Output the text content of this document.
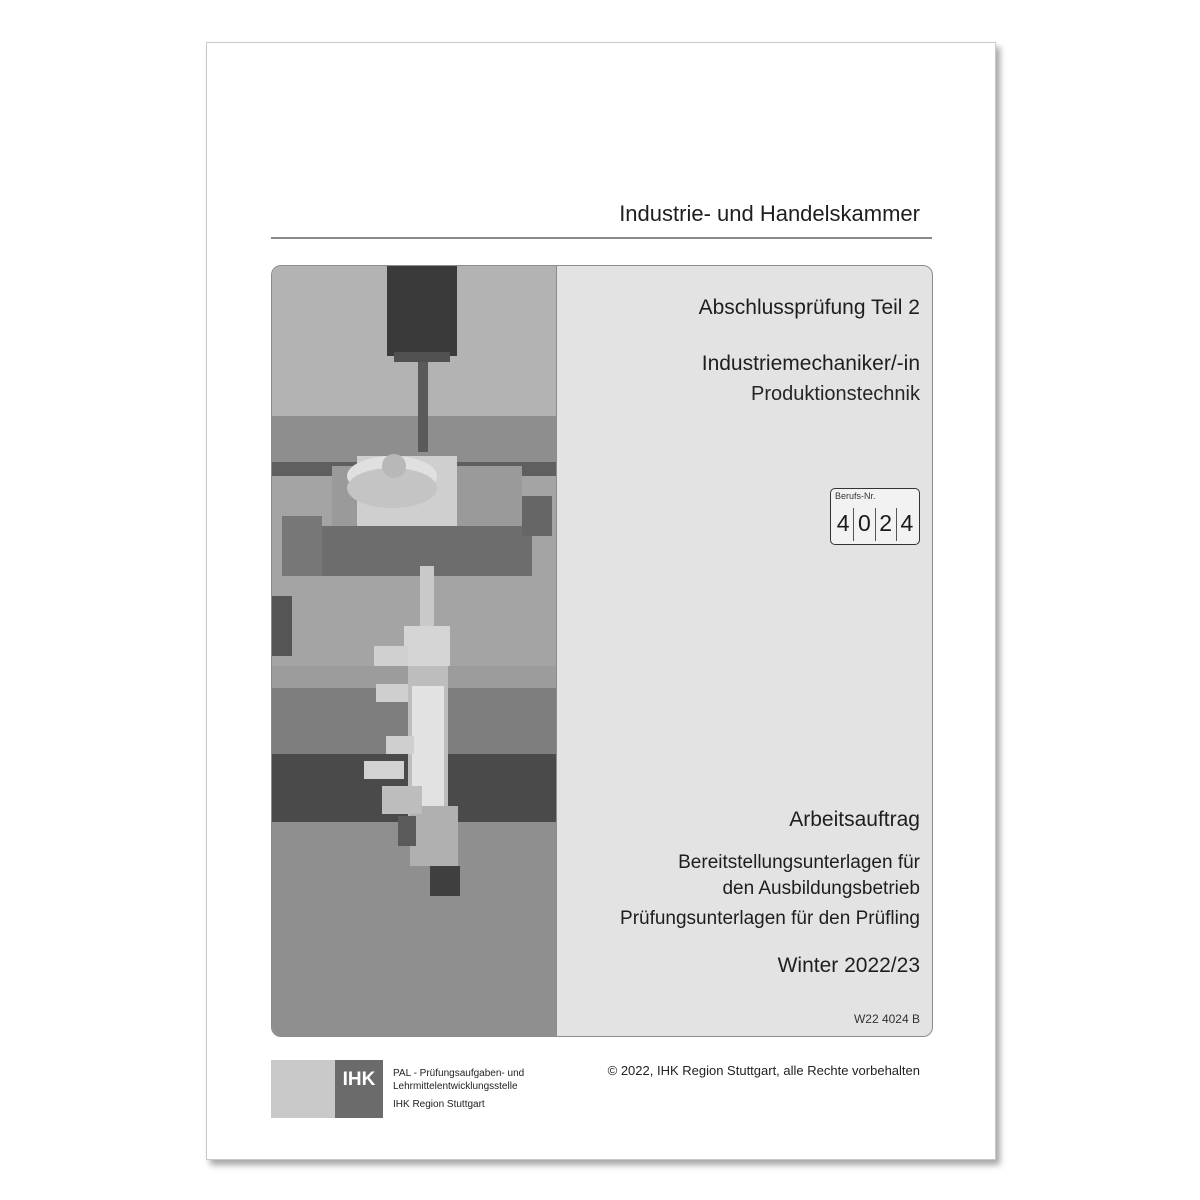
Industrie- und Handelskammer
Abschlussprüfung Teil 2
Industriemechaniker/-in
Produktionstechnik
Berufs-Nr.
4 0 2 4
Arbeitsauftrag
Bereitstellungsunterlagen für
den Ausbildungsbetrieb
Prüfungsunterlagen für den Prüfling
Winter 2022/23
W22 4024 B
IHK	PAL - Prüfungsaufgaben- und
Lehrmittelentwicklungsstelle
IHK Region Stuttgart
© 2022, IHK Region Stuttgart, alle Rechte vorbehalten
